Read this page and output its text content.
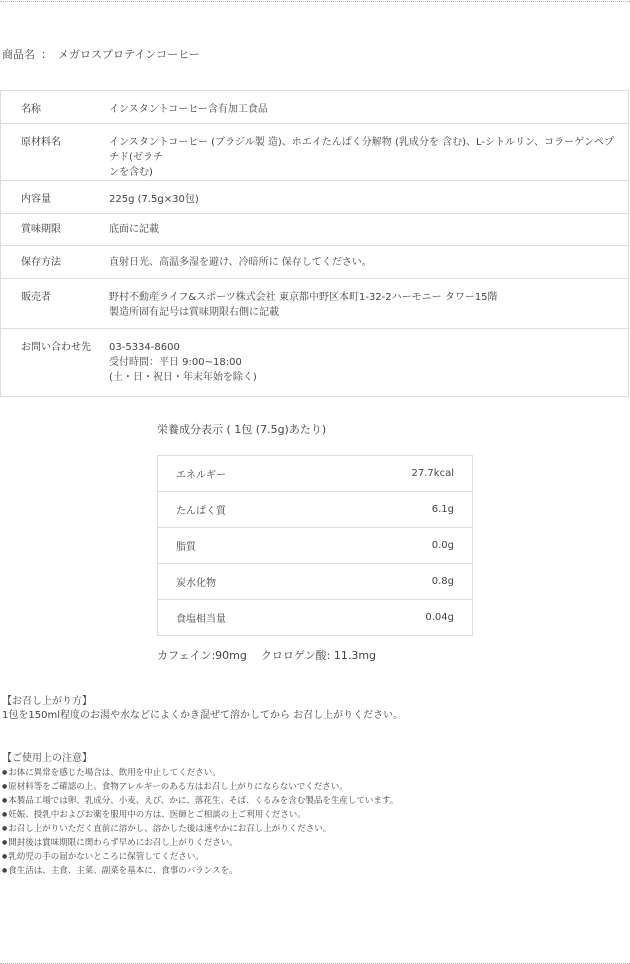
商品名 ： メガロスプロテインコーヒー
名称	インスタントコーヒー含有加工食品

原材料名	インスタントコーヒー (ブラジル製 造)、ホエイたんぱく分解物 (乳成分を 含む)、L-シトルリン、コラーゲンペプ チド(ゼラチ
ンを含む)

内容量	225g (7.5g×30包)

賞味期限	底面に記載

保存方法	直射日光、高温多湿を避け、冷暗所に 保存してください。

販売者	野村不動産ライフ&スポーツ株式会社 東京都中野区本町1-32-2ハーモニー タワー15階
製造所固有記号は賞味期限右側に記載

お問い合わせ先	03-5334-8600
受付時間：平日 9:00~18:00
(土・日・祝日・年末年始を除く)
栄養成分表示 ( 1包 (7.5g)あたり)
エネルギー	27.7kcal
たんぱく質	6.1g
脂質	0.0g
炭水化物	0.8g
食塩相当量	0.04g
カフェイン:90mg クロロゲン酸: 11.3mg
【お召し上がり方】
1包を150ml程度のお湯や水などによくかき混ぜて溶かしてから お召し上がりください。
【ご使用上の注意】
● お体に異常を感じた場合は、飲用を中止してください。
● 原材料等をご確認の上、食物アレルギーのある方はお召し上がりにならないでください。
● 本製品工場では卵、乳成分、小麦、えび、かに、落花生、そば、くるみを含む製品を生産しています。
● 妊娠、授乳中およびお薬を服用中の方は、医師とご相談の上ご利用ください。
● お召し上がりいただく直前に溶かし、溶かした後は速やかにお召し上がりください。
● 開封後は賞味期限に関わらず早めにお召し上がりください。
● 乳幼児の手の届かないところに保管してください。
● 食生活は、主食、主菜、副菜を基本に、食事のバランスを。
